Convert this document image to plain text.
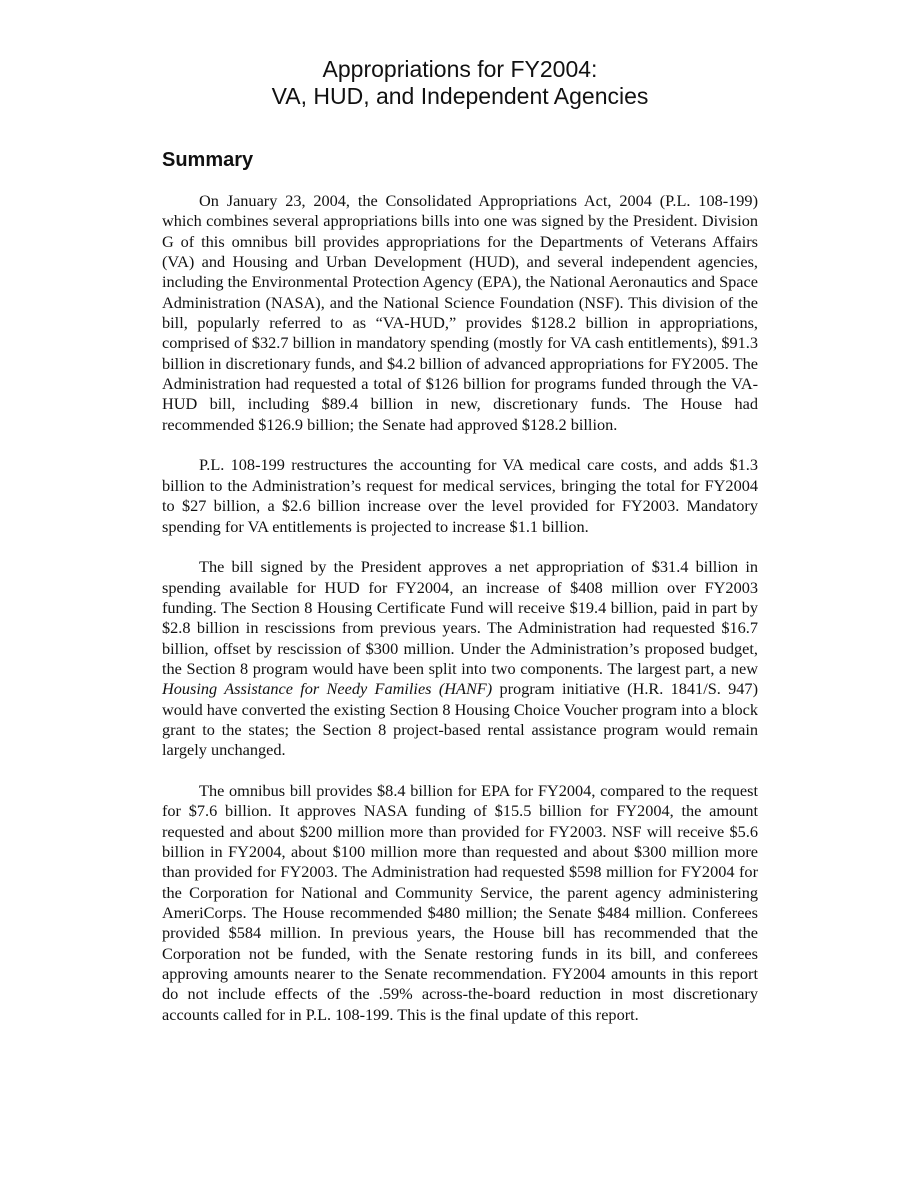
Appropriations for FY2004:
VA, HUD, and Independent Agencies
Summary

On January 23, 2004, the Consolidated Appropriations Act, 2004 (P.L. 108-199) which combines several appropriations bills into one was signed by the President. Division G of this omnibus bill provides appropriations for the Departments of Veterans Affairs (VA) and Housing and Urban Development (HUD), and several independent agencies, including the Environmental Protection Agency (EPA), the National Aeronautics and Space Administration (NASA), and the National Science Foundation (NSF). This division of the bill, popularly referred to as “VA-HUD,” provides $128.2 billion in appropriations, comprised of $32.7 billion in mandatory spending (mostly for VA cash entitlements), $91.3 billion in discretionary funds, and $4.2 billion of advanced appropriations for FY2005. The Administration had requested a total of $126 billion for programs funded through the VA-HUD bill, including $89.4 billion in new, discretionary funds. The House had recommended $126.9 billion; the Senate had approved $128.2 billion.

P.L. 108-199 restructures the accounting for VA medical care costs, and adds $1.3 billion to the Administration’s request for medical services, bringing the total for FY2004 to $27 billion, a $2.6 billion increase over the level provided for FY2003. Mandatory spending for VA entitlements is projected to increase $1.1 billion.

The bill signed by the President approves a net appropriation of $31.4 billion in spending available for HUD for FY2004, an increase of $408 million over FY2003 funding. The Section 8 Housing Certificate Fund will receive $19.4 billion, paid in part by $2.8 billion in rescissions from previous years. The Administration had requested $16.7 billion, offset by rescission of $300 million. Under the Administration’s proposed budget, the Section 8 program would have been split into two components. The largest part, a new Housing Assistance for Needy Families (HANF) program initiative (H.R. 1841/S. 947) would have converted the existing Section 8 Housing Choice Voucher program into a block grant to the states; the Section 8 project-based rental assistance program would remain largely unchanged.

The omnibus bill provides $8.4 billion for EPA for FY2004, compared to the request for $7.6 billion. It approves NASA funding of $15.5 billion for FY2004, the amount requested and about $200 million more than provided for FY2003. NSF will receive $5.6 billion in FY2004, about $100 million more than requested and about $300 million more than provided for FY2003. The Administration had requested $598 million for FY2004 for the Corporation for National and Community Service, the parent agency administering AmeriCorps. The House recommended $480 million; the Senate $484 million. Conferees provided $584 million. In previous years, the House bill has recommended that the Corporation not be funded, with the Senate restoring funds in its bill, and conferees approving amounts nearer to the Senate recommendation. FY2004 amounts in this report do not include effects of the .59% across-the-board reduction in most discretionary accounts called for in P.L. 108-199. This is the final update of this report.
